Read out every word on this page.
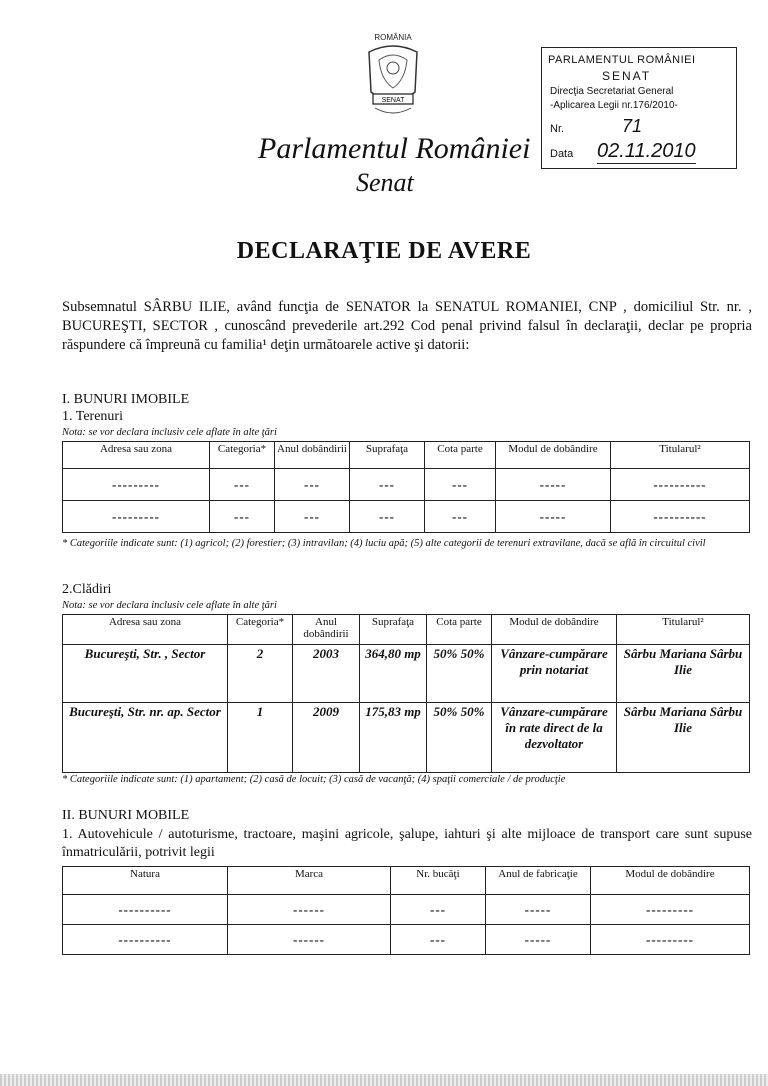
ROMÂNIA
SENAT
Parlamentul României
Senat
PARLAMENTUL ROMÂNIEI
SENAT
Direcţia Secretariat General
-Aplicarea Legii nr.176/2010-
Nr.	71
Data 02.11.2010
DECLARAŢIE DE AVERE
Subsemnatul SÂRBU ILIE, având funcţia de SENATOR la SENATUL ROMANIEI, CNP , domiciliul Str. nr. , BUCUREŞTI, SECTOR , cunoscând prevederile art.292 Cod penal privind falsul în declaraţii, declar pe propria răspundere că împreună cu familia¹ deţin următoarele active şi datorii:
I. BUNURI IMOBILE
1. Terenuri
Nota: se vor declara inclusiv cele aflate în alte ţări
Adresa sau zona	Categoria*	Anul dobândirii	Suprafaţa	Cota parte	Modul de dobândire	Titularul²
---------	---	---	---	---	-----	----------
---------	---	---	---	---	-----	----------
* Categoriile indicate sunt: (1) agricol; (2) forestier; (3) intravilan; (4) luciu apă; (5) alte categorii de terenuri extravilane, dacă se află în circuitul civil
2.Clădiri
Nota: se vor declara inclusiv cele aflate în alte ţări
Adresa sau zona	Categoria*	Anul dobândirii	Suprafaţa	Cota parte	Modul de dobândire	Titularul²
Bucureşti, Str. , Sector	2	2003	364,80 mp	50% 50%	Vânzare-cumpărare prin notariat	Sârbu Mariana Sârbu Ilie
Bucureşti, Str. nr. ap. Sector	1	2009	175,83 mp	50% 50%	Vânzare-cumpărare în rate direct de la dezvoltator	Sârbu Mariana Sârbu Ilie
* Categoriile indicate sunt: (1) apartament; (2) casă de locuit; (3) casă de vacanţă; (4) spaţii comerciale / de producţie
II. BUNURI MOBILE
1. Autovehicule / autoturisme, tractoare, maşini agricole, şalupe, iahturi şi alte mijloace de transport care sunt supuse înmatriculării, potrivit legii
Natura	Marca	Nr. bucăţi	Anul de fabricaţie	Modul de dobândire
----------	------	---	-----	---------
----------	------	---	-----	---------
